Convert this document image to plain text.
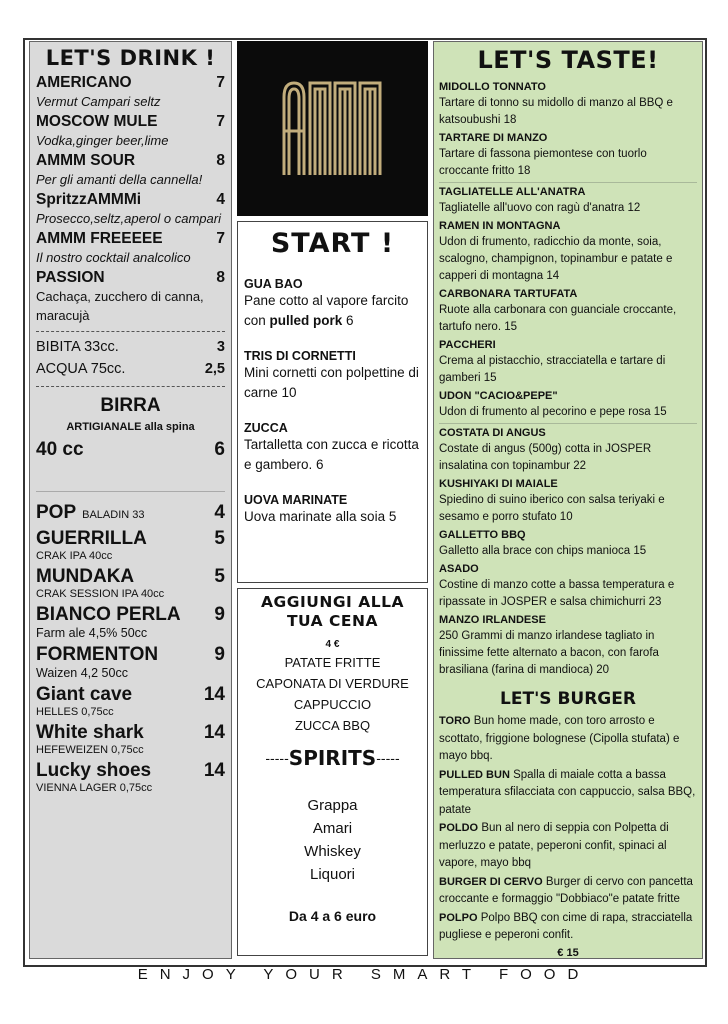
LET'S DRINK !
AMERICANO	7
Vermut Campari seltz
MOSCOW MULE	7
Vodka,ginger beer,lime
AMMM SOUR	8
Per gli amanti della cannella!
SpritzzAMMMi	4
Prosecco,seltz,aperol o campari
AMMM FREEEEE	7
Il nostro cocktail analcolico
PASSION	8
Cachaça, zucchero di canna, maracujà
BIBITA 33cc.	3
ACQUA 75cc.	2,5
BIRRA
ARTIGIANALE alla spina
40 cc	6
POP BALADIN 33	4
GUERRILLA	5
CRAK IPA 40cc
MUNDAKA	5
CRAK SESSION IPA 40cc
BIANCO PERLA 9
Farm ale 4,5% 50cc
FORMENTON	9
Waizen 4,2 50cc
Giant cave	14
HELLES 0,75cc
White shark	14
HEFEWEIZEN 0,75cc
Lucky shoes	14
VIENNA LAGER 0,75cc
START !
GUA BAO
Pane cotto al vapore farcito con pulled pork 6
TRIS DI CORNETTI
Mini cornetti con polpettine di carne 10
ZUCCA
Tartalletta con zucca e ricotta e gambero. 6
UOVA MARINATE
Uova marinate alla soia 5
AGGIUNGI ALLA TUA CENA
4 €
PATATE FRITTE
CAPONATA DI VERDURE
CAPPUCCIO
ZUCCA BBQ
-----SPIRITS-----
Grappa
Amari
Whiskey
Liquori
Da 4 a 6 euro
LET'S TASTE!
MIDOLLO TONNATO
Tartare di tonno su midollo di manzo al BBQ e katsoubushi 18
TARTARE DI MANZO
Tartare di fassona piemontese con tuorlo croccante fritto 18
TAGLIATELLE ALL'ANATRA
Tagliatelle all'uovo con ragù d'anatra 12
RAMEN IN MONTAGNA
Udon di frumento, radicchio da monte, soia, scalogno, champignon, topinambur e patate e capperi di montagna 14
CARBONARA TARTUFATA
Ruote alla carbonara con guanciale croccante, tartufo nero. 15
PACCHERI
Crema al pistacchio, stracciatella e tartare di gamberi 15
UDON "CACIO&PEPE"
Udon di frumento al pecorino e pepe rosa 15
COSTATA DI ANGUS
Costate di angus (500g) cotta in JOSPER insalatina con topinambur 22
KUSHIYAKI DI MAIALE
Spiedino di suino iberico con salsa teriyaki e sesamo e porro stufato 10
GALLETTO BBQ
Galletto alla brace con chips manioca 15
ASADO
Costine di manzo cotte a bassa temperatura e ripassate in JOSPER e salsa chimichurri 23
MANZO IRLANDESE
250 Grammi di manzo irlandese tagliato in finissime fette alternato a bacon, con farofa brasiliana (farina di mandioca) 20
LET'S BURGER
TORO Bun home made, con toro arrosto e scottato, friggione bolognese (Cipolla stufata) e mayo bbq.
PULLED BUN Spalla di maiale cotta a bassa temperatura sfilacciata con cappuccio, salsa BBQ, patate
POLDO Bun al nero di seppia con Polpetta di merluzzo e patate, peperoni confit, spinaci al vapore, mayo bbq
BURGER DI CERVO Burger di cervo con pancetta croccante e formaggio "Dobbiaco"e patate fritte
POLPO Polpo BBQ con cime di rapa, stracciatella pugliese e peperoni confit.
€ 15
ENJOY YOUR SMART FOOD
